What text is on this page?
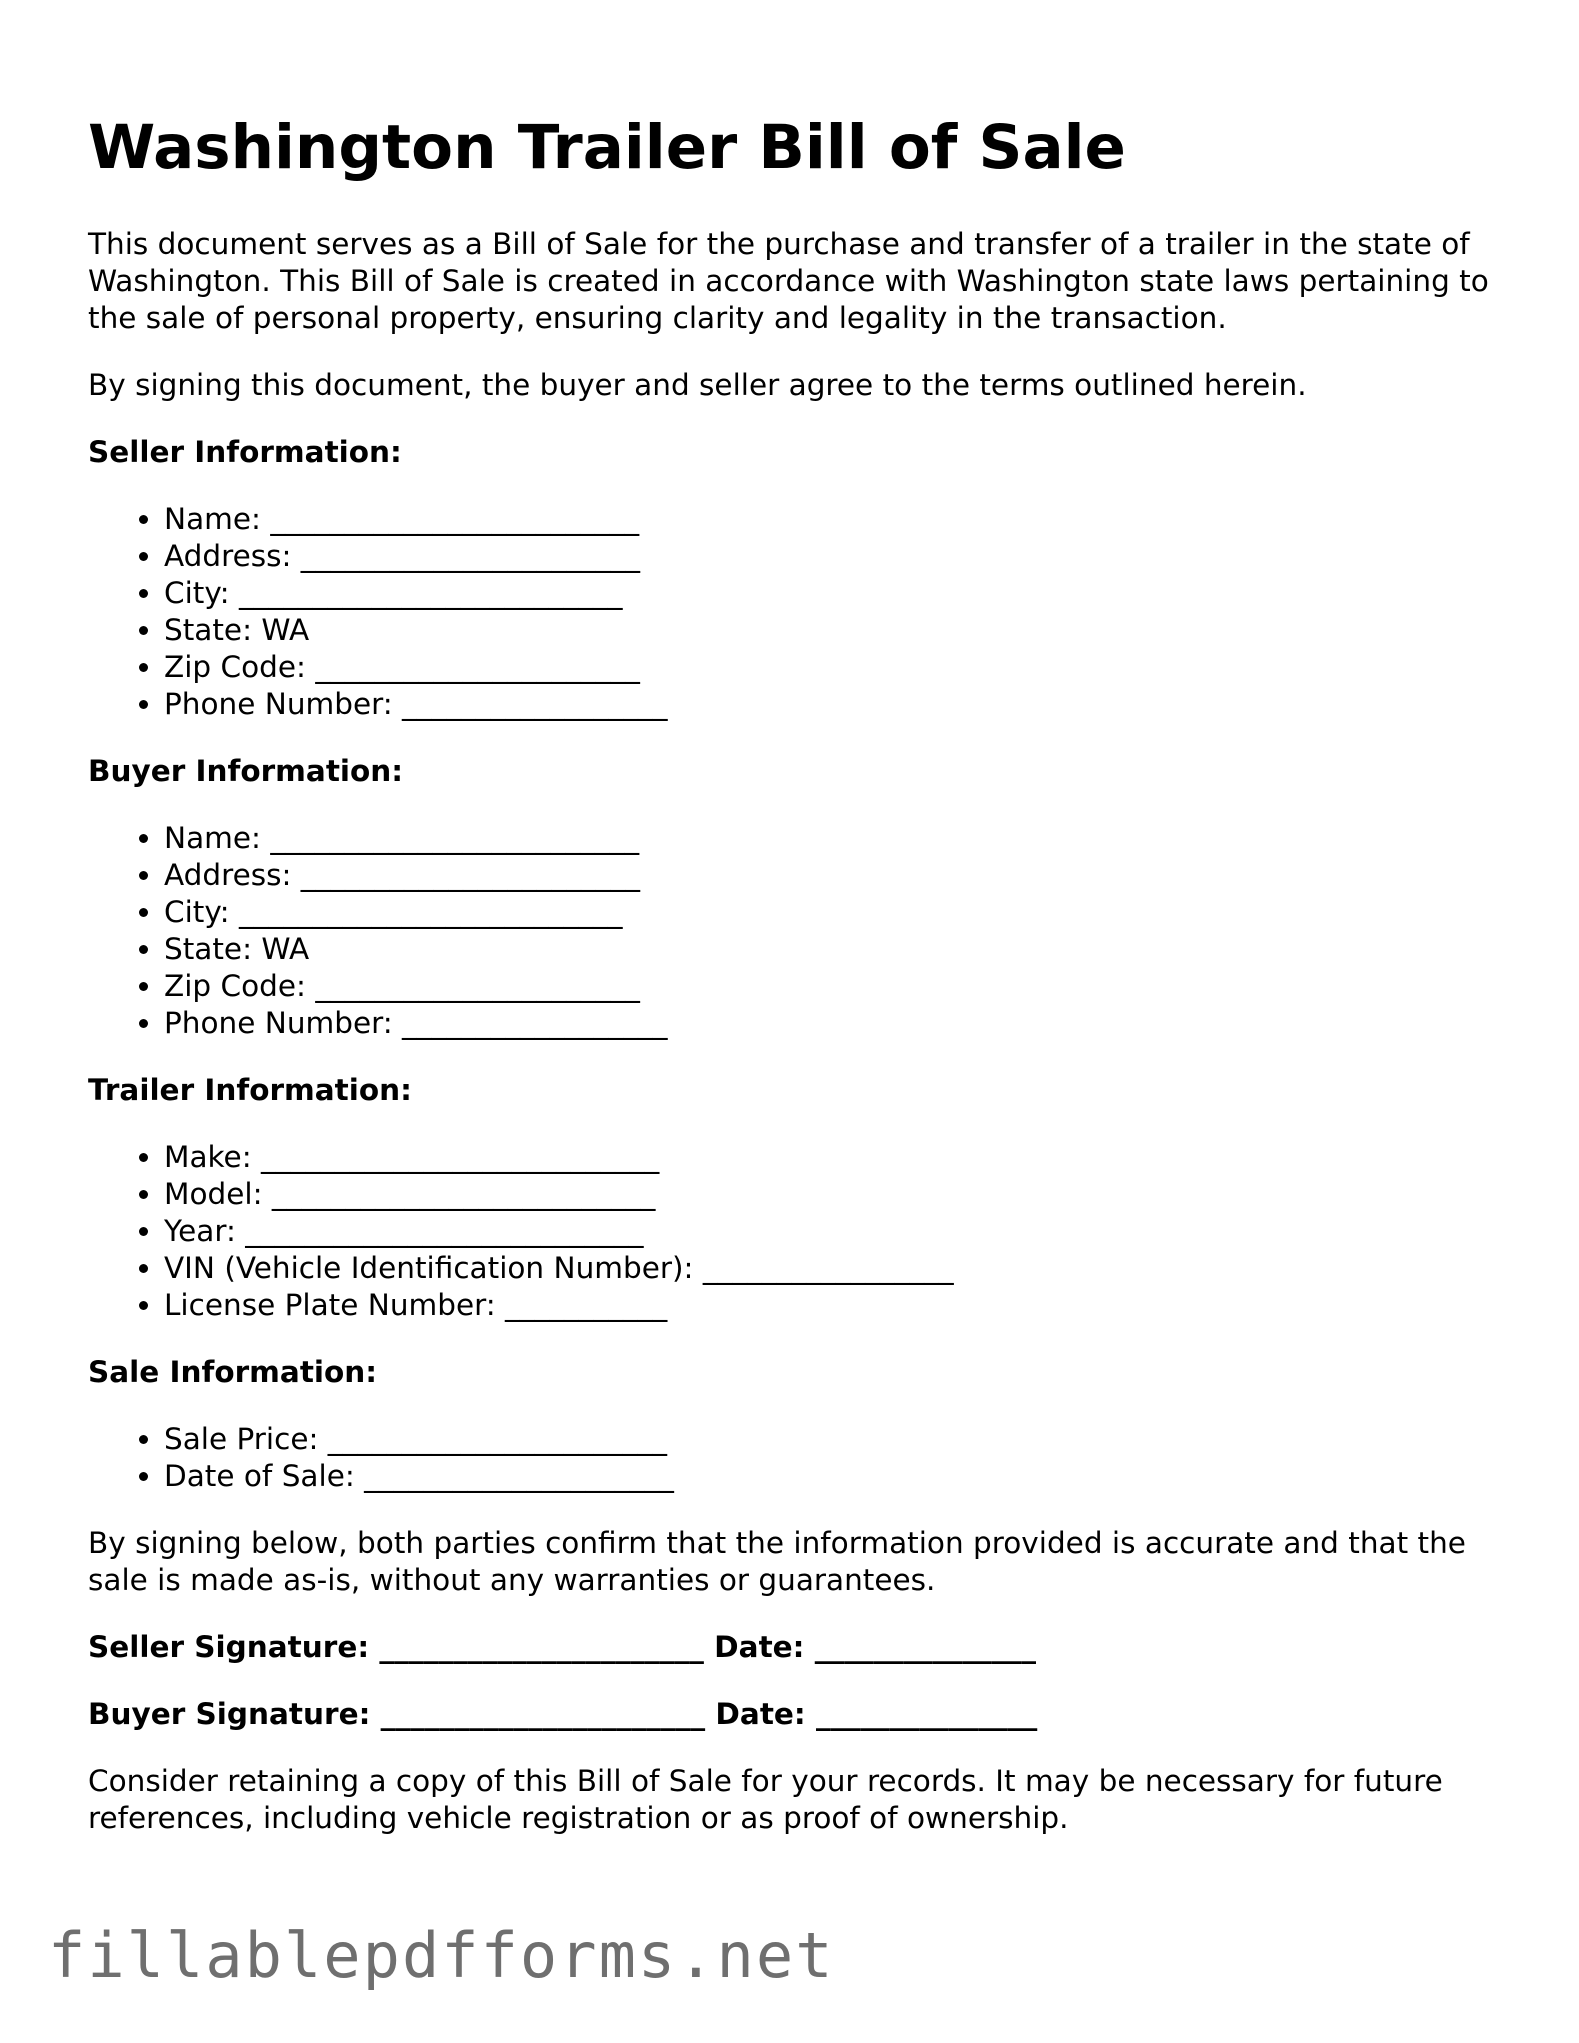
Washington Trailer Bill of Sale

This document serves as a Bill of Sale for the purchase and transfer of a trailer in the state of Washington. This Bill of Sale is created in accordance with Washington state laws pertaining to the sale of personal property, ensuring clarity and legality in the transaction.

By signing this document, the buyer and seller agree to the terms outlined herein.

Seller Information:
• Name: _________________________
• Address: _______________________
• City: __________________________
• State: WA
• Zip Code: ______________________
• Phone Number: __________________
Buyer Information:
• Name: _________________________
• Address: _______________________
• City: __________________________
• State: WA
• Zip Code: ______________________
• Phone Number: __________________
Trailer Information:
• Make: ___________________________
• Model: __________________________
• Year: ___________________________
• VIN (Vehicle Identification Number): _________________
• License Plate Number: ___________
Sale Information:
• Sale Price: _______________________
• Date of Sale: _____________________

By signing below, both parties confirm that the information provided is accurate and that the sale is made as-is, without any warranties or guarantees.

Seller Signature: ______________________ Date: _______________
Buyer Signature: ______________________ Date: _______________

Consider retaining a copy of this Bill of Sale for your records. It may be necessary for future references, including vehicle registration or as proof of ownership.

fillablepdfforms.net
